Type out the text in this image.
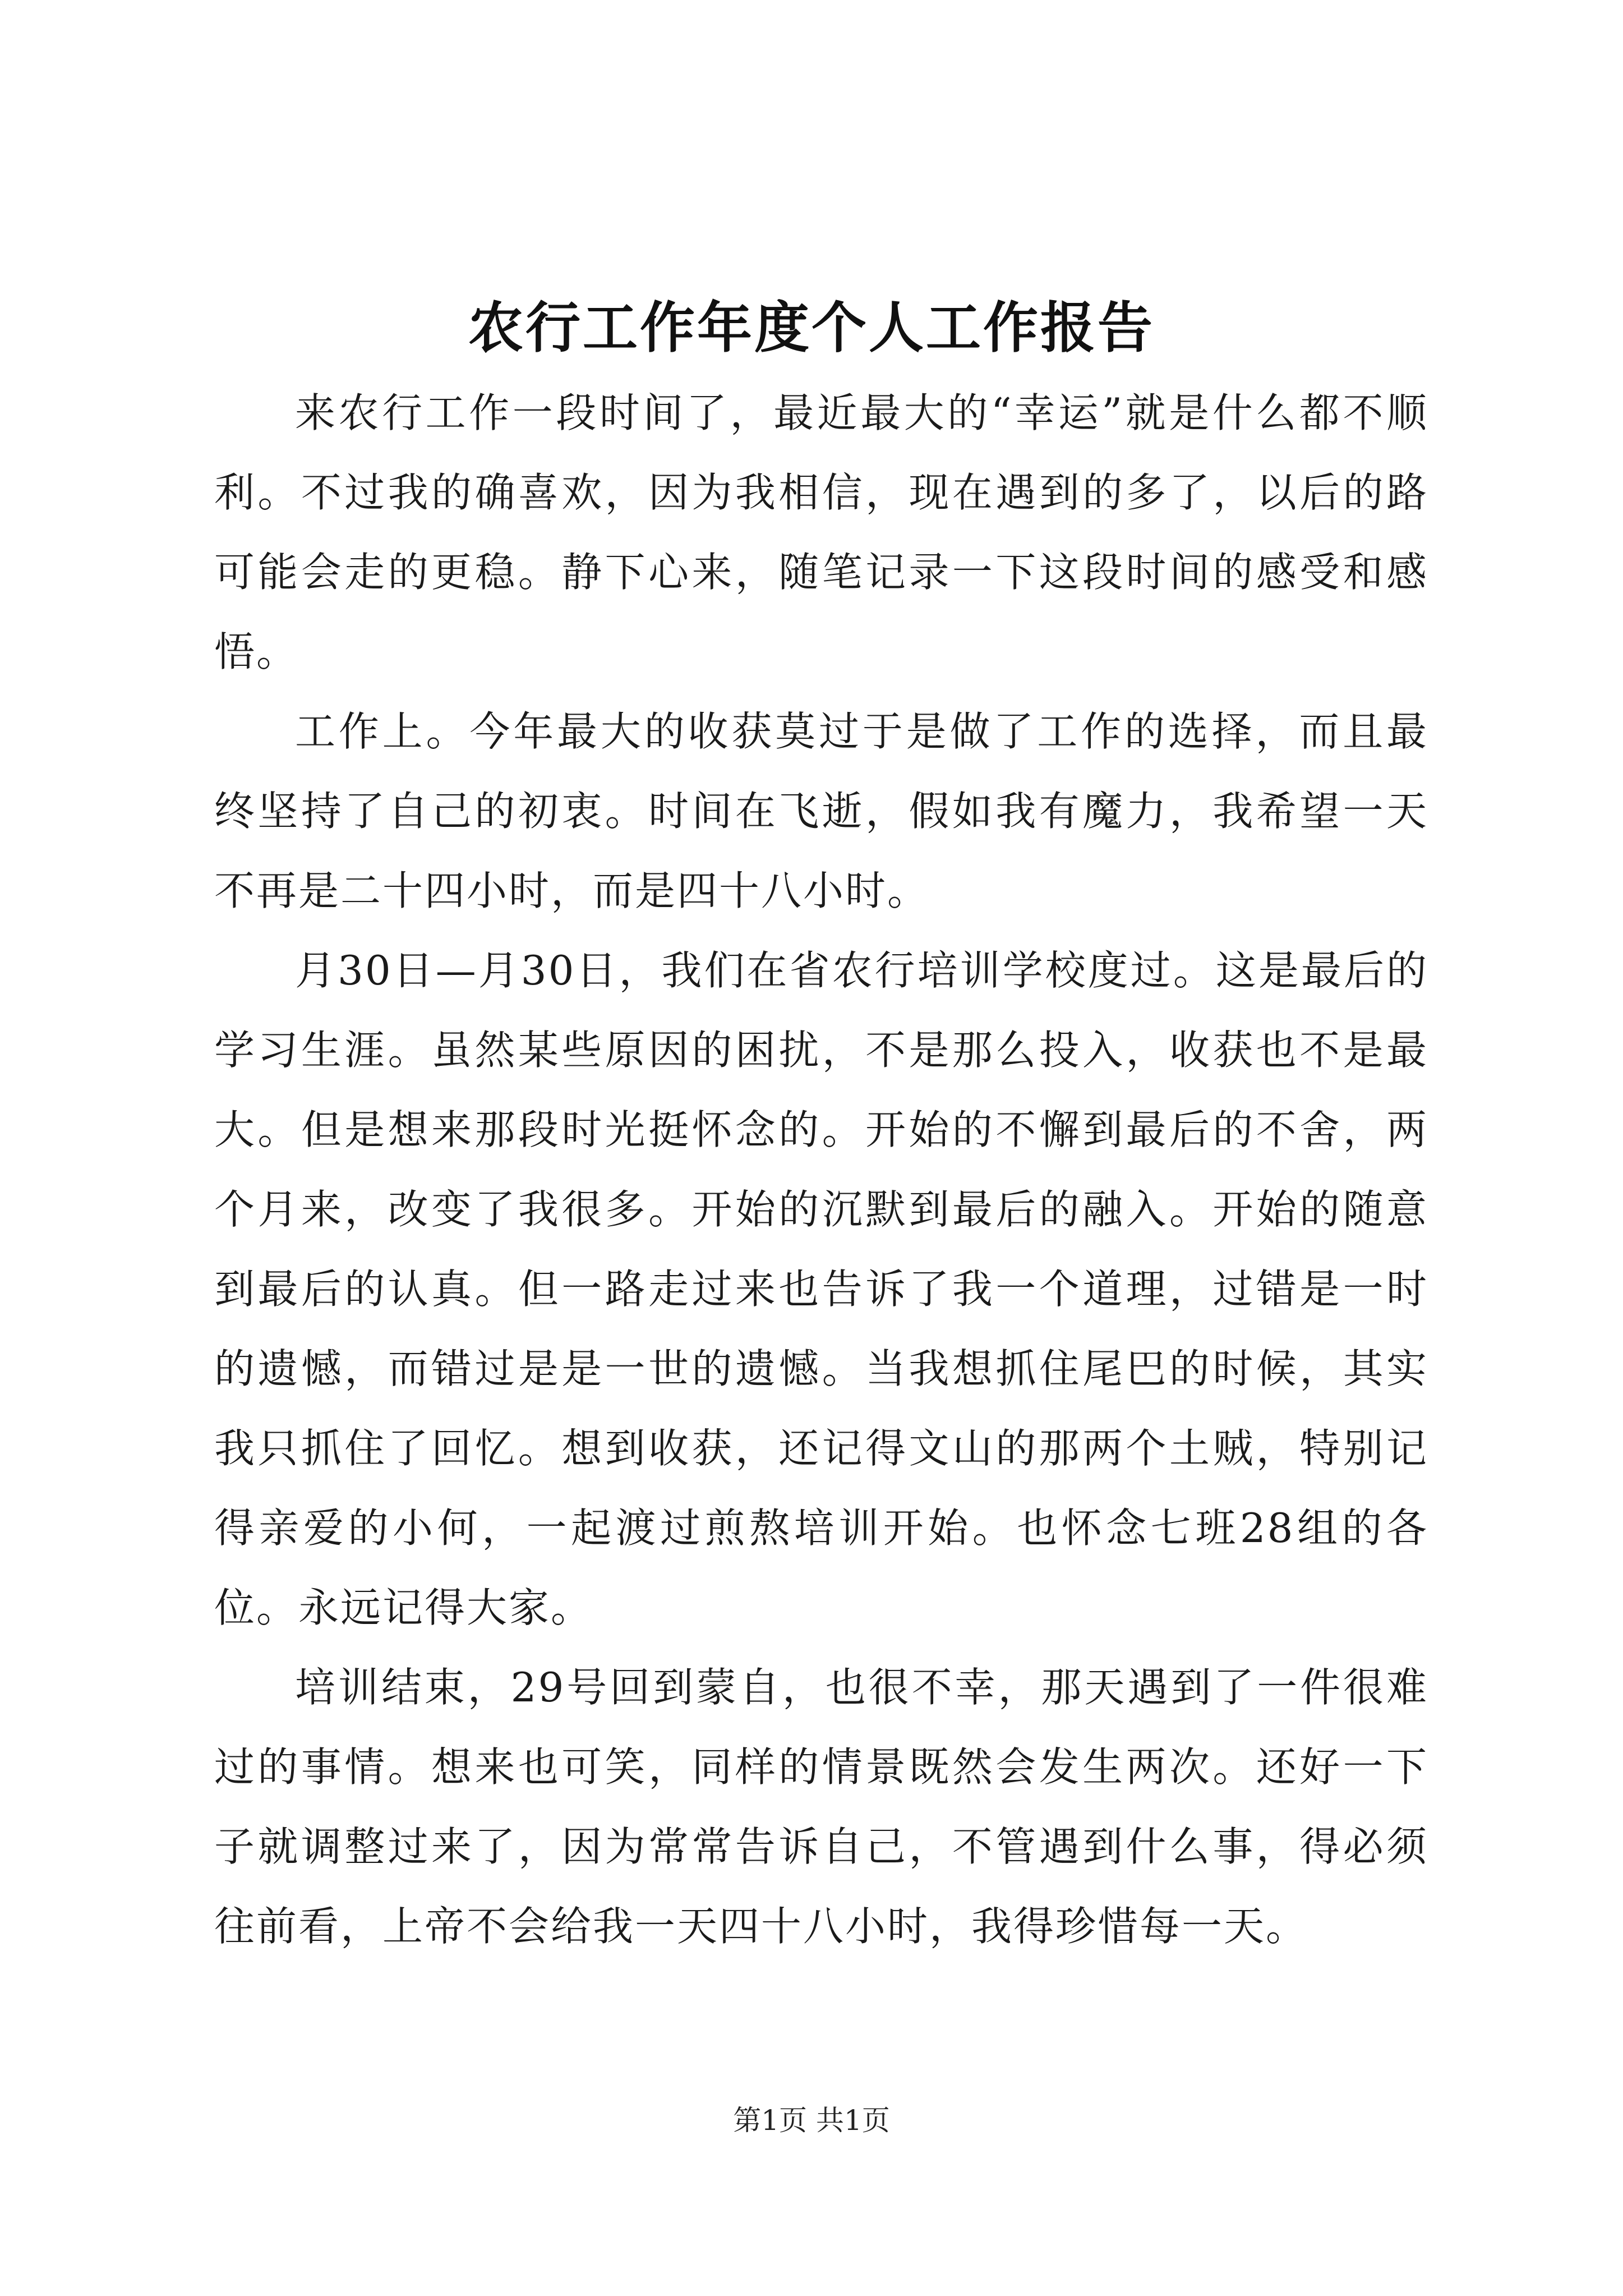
农行工作年度个人工作报告

来农行工作一段时间了，最近最大的“幸运”就是什么都不顺利。不过我的确喜欢，因为我相信，现在遇到的多了，以后的路可能会走的更稳。静下心来，随笔记录一下这段时间的感受和感悟。

工作上。今年最大的收获莫过于是做了工作的选择，而且最终坚持了自己的初衷。时间在飞逝，假如我有魔力，我希望一天不再是二十四小时，而是四十八小时。

月30日—月30日，我们在省农行培训学校度过。这是最后的学习生涯。虽然某些原因的困扰，不是那么投入，收获也不是最大。但是想来那段时光挺怀念的。开始的不懈到最后的不舍，两个月来，改变了我很多。开始的沉默到最后的融入。开始的随意到最后的认真。但一路走过来也告诉了我一个道理，过错是一时的遗憾，而错过是是一世的遗憾。当我想抓住尾巴的时候，其实我只抓住了回忆。想到收获，还记得文山的那两个土贼，特别记得亲爱的小何，一起渡过煎熬培训开始。也怀念七班28组的各位。永远记得大家。

培训结束，29号回到蒙自，也很不幸，那天遇到了一件很难过的事情。想来也可笑，同样的情景既然会发生两次。还好一下子就调整过来了，因为常常告诉自己，不管遇到什么事，得必须往前看，上帝不会给我一天四十八小时，我得珍惜每一天。

第1页 共1页
